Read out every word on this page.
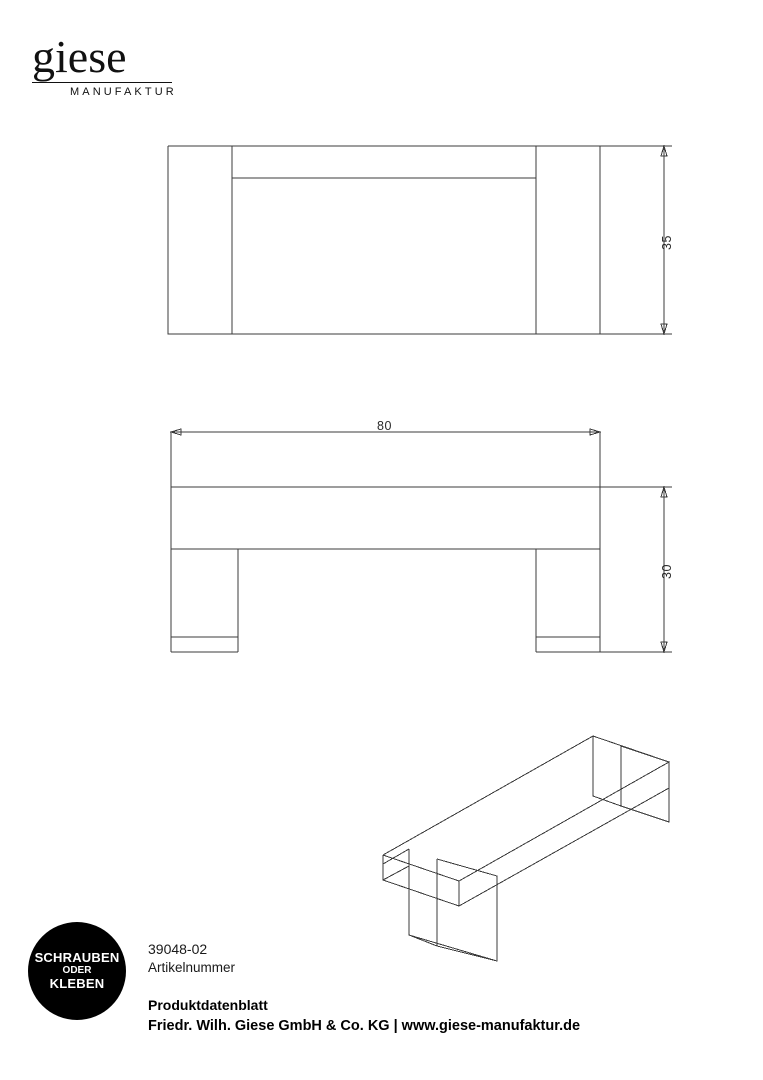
giese
MANUFAKTUR
35
80
30
SCHRAUBEN
ODER
KLEBEN
39048-02
Artikelnummer
Produktdatenblatt
Friedr. Wilh. Giese GmbH & Co. KG | www.giese-manufaktur.de
